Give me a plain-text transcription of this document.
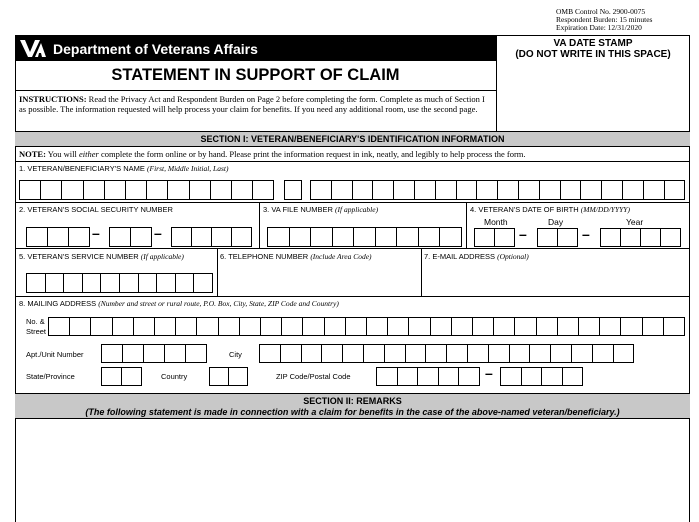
OMB Control No. 2900-0075
Respondent Burden: 15 minutes
Expiration Date: 12/31/2020
Department of Veterans Affairs
STATEMENT IN SUPPORT OF CLAIM
VA DATE STAMP
(DO NOT WRITE IN THIS SPACE)
INSTRUCTIONS: Read the Privacy Act and Respondent Burden on Page 2 before completing the form. Complete as much of Section I as possible. The information requested will help process your claim for benefits. If you need any additional room, use the second page.
SECTION I: VETERAN/BENEFICIARY'S IDENTIFICATION INFORMATION
NOTE: You will either complete the form online or by hand. Please print the information request in ink, neatly, and legibly to help process the form.
1. VETERAN/BENEFICIARY'S NAME (First, Middle Initial, Last)
2. VETERAN'S SOCIAL SECURITY NUMBER	3. VA FILE NUMBER (If applicable)	4. VETERAN'S DATE OF BIRTH (MM/DD/YYYY)
Month	Day	Year
–	–	–	–
5. VETERAN'S SERVICE NUMBER (If applicable)	6. TELEPHONE NUMBER (Include Area Code)	7. E-MAIL ADDRESS (Optional)
8. MAILING ADDRESS (Number and street or rural route, P.O. Box, City, State, ZIP Code and Country)
No. &
Street
Apt./Unit Number	City
State/Province	Country	ZIP Code/Postal Code	–
SECTION II: REMARKS
(The following statement is made in connection with a claim for benefits in the case of the above-named veteran/beneficiary.)
